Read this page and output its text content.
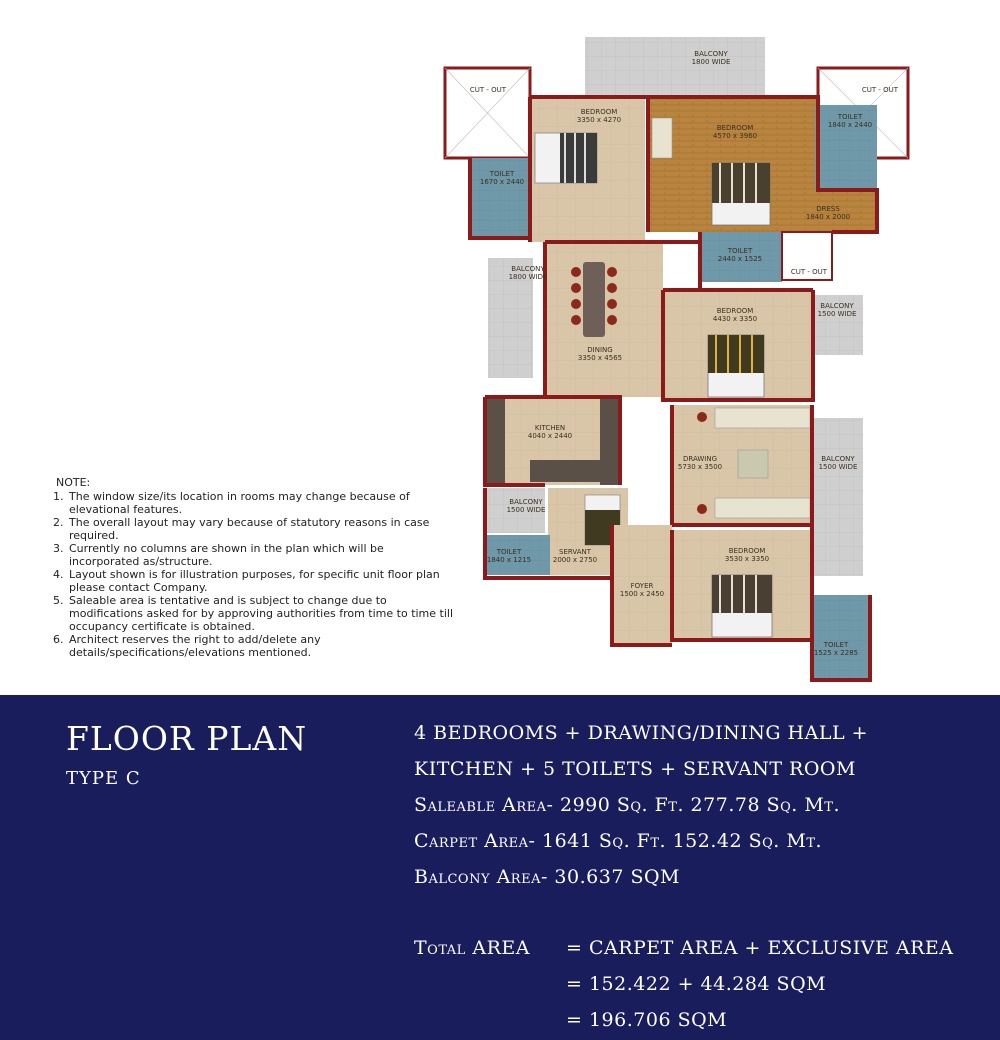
BALCONY
1800 WIDE
CUT - OUT	CUT - OUT
BEDROOM
3350 x 4270
BEDROOM
4570 x 3960
TOILET
1840 x 2440
TOILET
1670 x 2440
DRESS
1840 x 2000
TOILET
2440 x 1525
CUT - OUT
BALCONY
1800 WIDE
BEDROOM
4430 x 3350
BALCONY
1500 WIDE
DINING
3350 x 4565
KITCHEN
4040 x 2440
DRAWING
5730 x 3500
BALCONY
1500 WIDE
BALCONY
1500 WIDE
TOILET
1840 x 1215
SERVANT
2000 x 2750
BEDROOM
3530 x 3350
FOYER
1500 x 2450
TOILET
1525 x 2285
NOTE:
1. The window size/its location in rooms may change because of elevational features.
2. The overall layout may vary because of statutory reasons in case required.
3. Currently no columns are shown in the plan which will be incorporated as/structure.
4. Layout shown is for illustration purposes, for specific unit floor plan please contact Company.
5. Saleable area is tentative and is subject to change due to modifications asked for by approving authorities from time to time till occupancy certificate is obtained.
6. Architect reserves the right to add/delete any details/specifications/elevations mentioned.
FLOOR PLAN
TYPE C
4 BEDROOMS + DRAWING/DINING HALL +
KITCHEN + 5 TOILETS + SERVANT ROOM
Saleable Area- 2990 Sq. Ft. 277.78 Sq. Mt.
Carpet Area- 1641 Sq. Ft. 152.42 Sq. Mt.
Balcony Area- 30.637 SQM
Total AREA = CARPET AREA + EXCLUSIVE AREA
= 152.422 + 44.284 SQM
= 196.706 SQM
